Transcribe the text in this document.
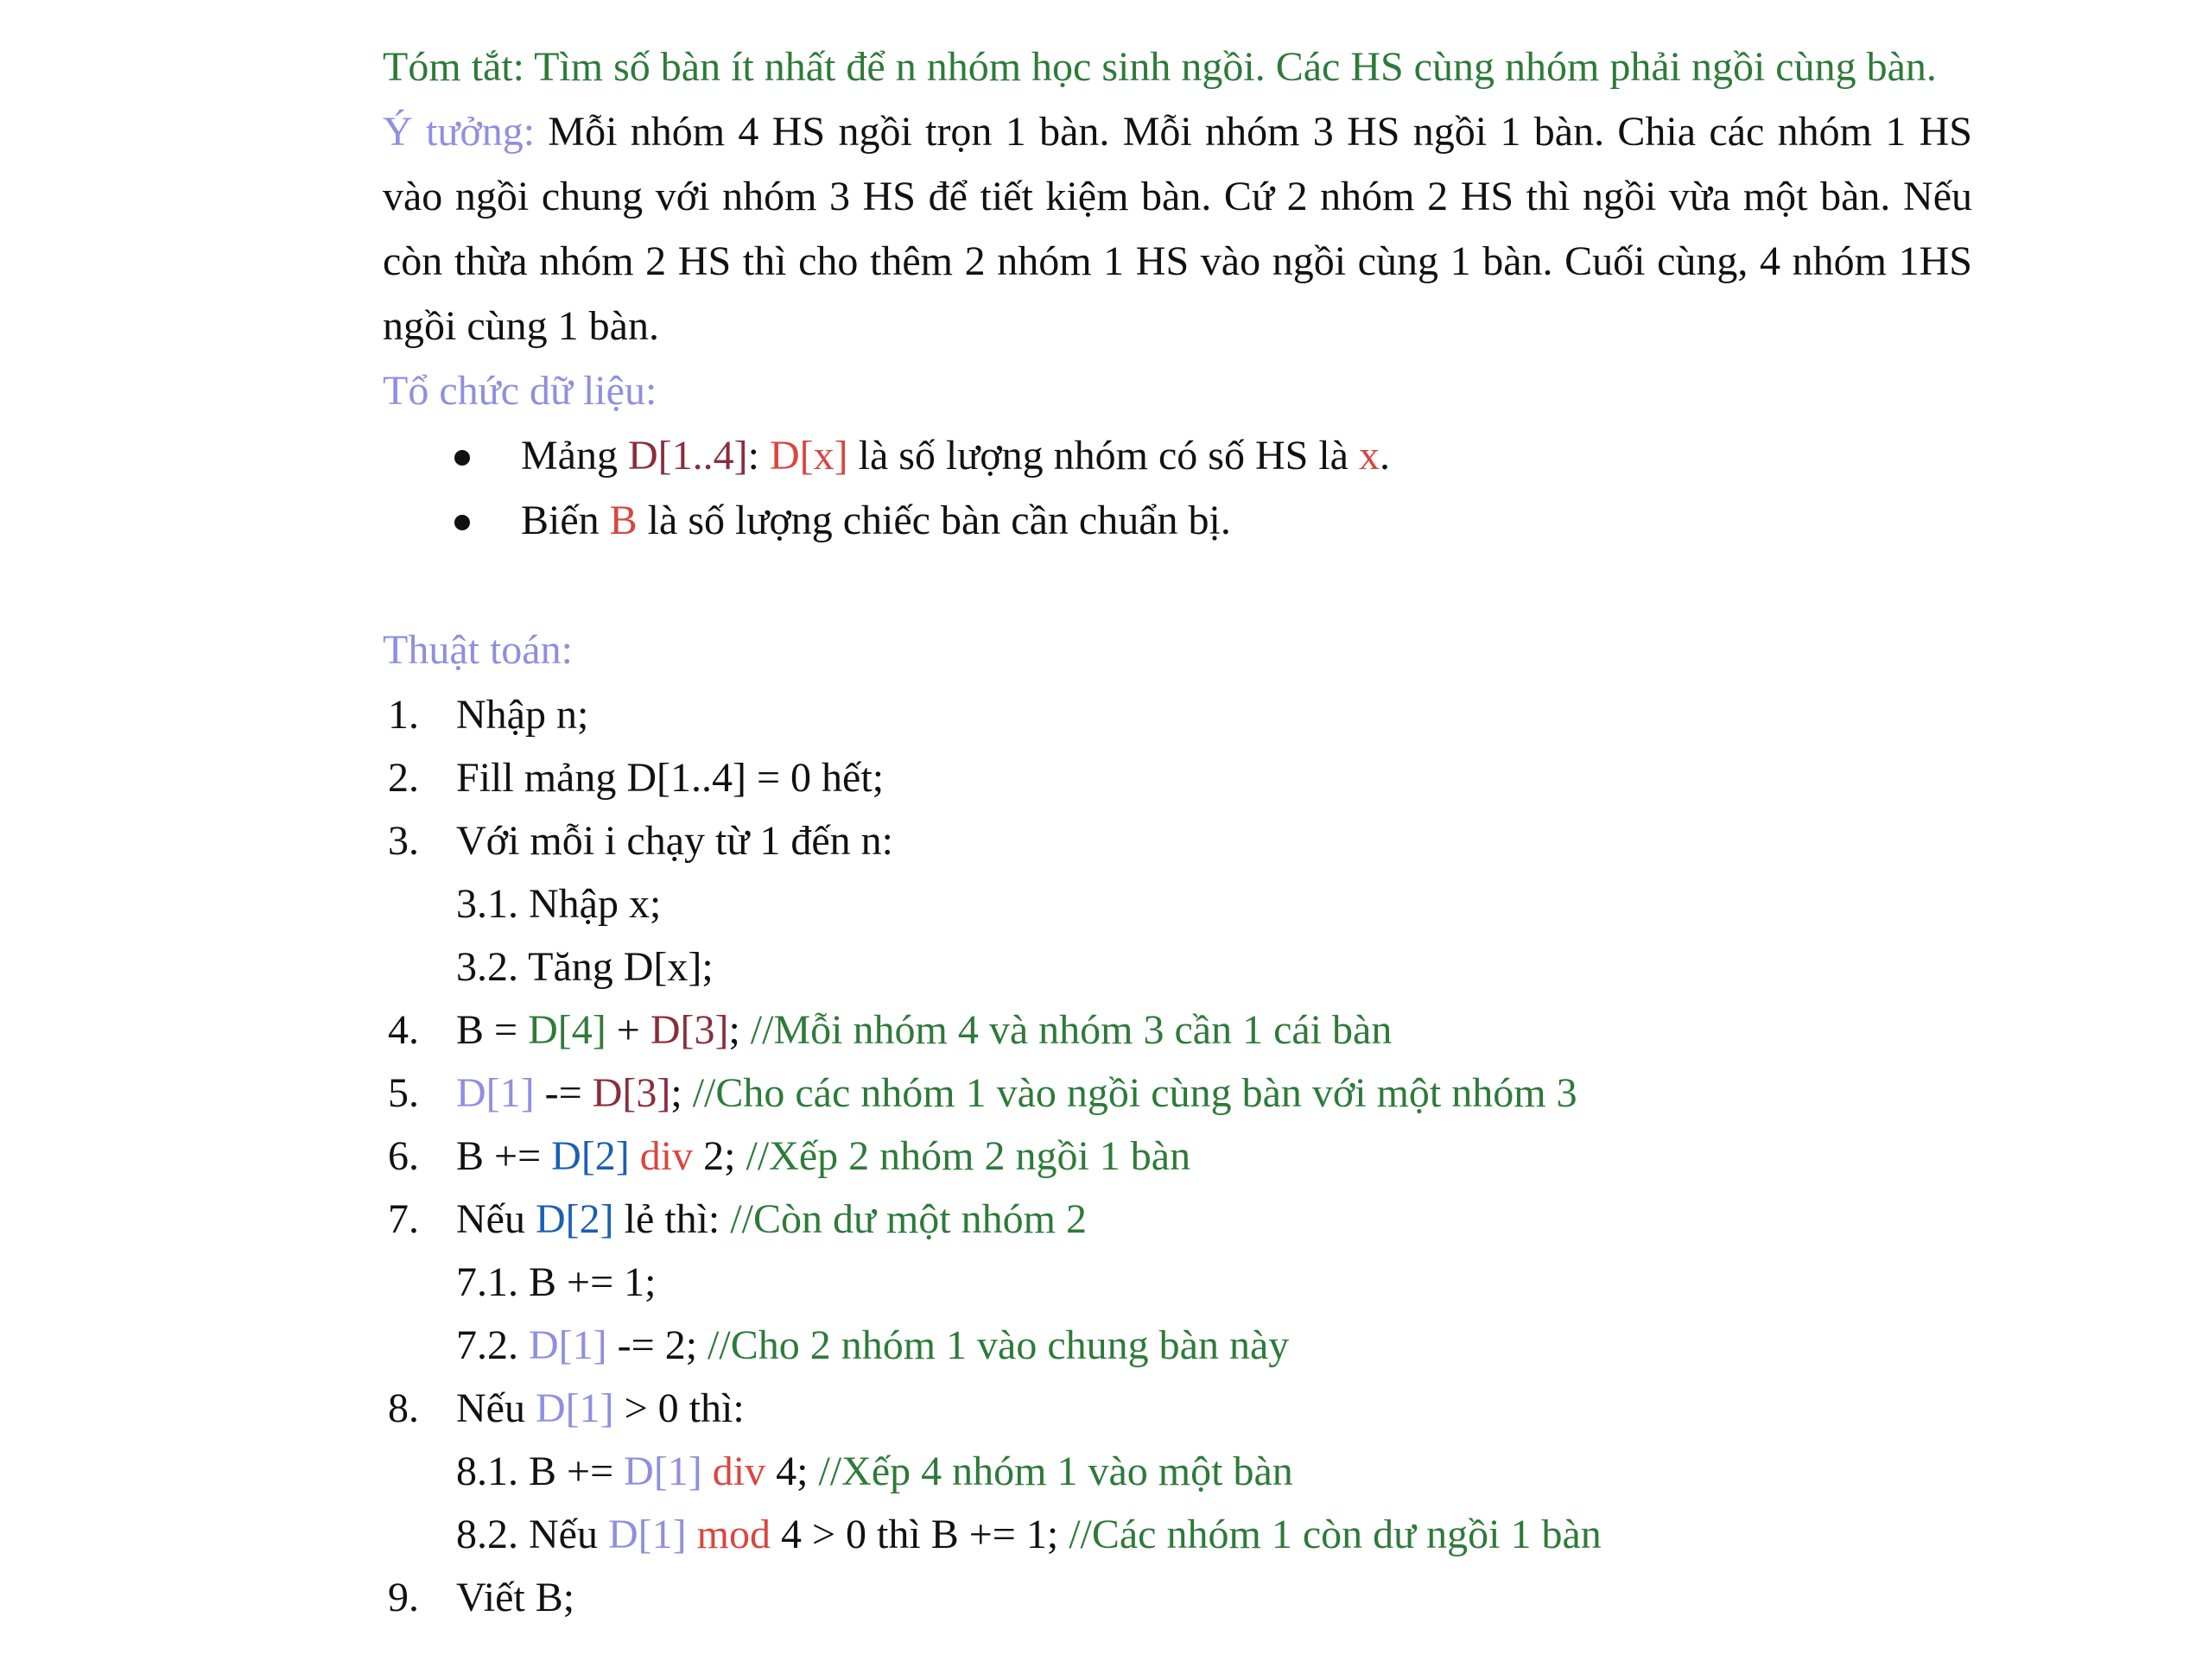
Tóm tắt: Tìm số bàn ít nhất để n nhóm học sinh ngồi. Các HS cùng nhóm phải ngồi cùng bàn.

Ý tưởng: Mỗi nhóm 4 HS ngồi trọn 1 bàn. Mỗi nhóm 3 HS ngồi 1 bàn. Chia các nhóm 1 HS vào ngồi chung với nhóm 3 HS để tiết kiệm bàn. Cứ 2 nhóm 2 HS thì ngồi vừa một bàn. Nếu còn thừa nhóm 2 HS thì cho thêm 2 nhóm 1 HS vào ngồi cùng 1 bàn. Cuối cùng, 4 nhóm 1HS ngồi cùng 1 bàn.

Tổ chức dữ liệu:
Mảng D[1..4]: D[x] là số lượng nhóm có số HS là x.
Biến B là số lượng chiếc bàn cần chuẩn bị.
Thuật toán:
1. Nhập n;
2. Fill mảng D[1..4] = 0 hết;
3. Với mỗi i chạy từ 1 đến n:
3.1. Nhập x;
3.2. Tăng D[x];
4. B = D[4] + D[3]; //Mỗi nhóm 4 và nhóm 3 cần 1 cái bàn
5. D[1] -= D[3]; //Cho các nhóm 1 vào ngồi cùng bàn với một nhóm 3
6. B += D[2] div 2; //Xếp 2 nhóm 2 ngồi 1 bàn
7. Nếu D[2] lẻ thì: //Còn dư một nhóm 2
7.1. B += 1;
7.2. D[1] -= 2; //Cho 2 nhóm 1 vào chung bàn này
8. Nếu D[1] > 0 thì:
8.1. B += D[1] div 4; //Xếp 4 nhóm 1 vào một bàn
8.2. Nếu D[1] mod 4 > 0 thì B += 1; //Các nhóm 1 còn dư ngồi 1 bàn
9. Viết B;
